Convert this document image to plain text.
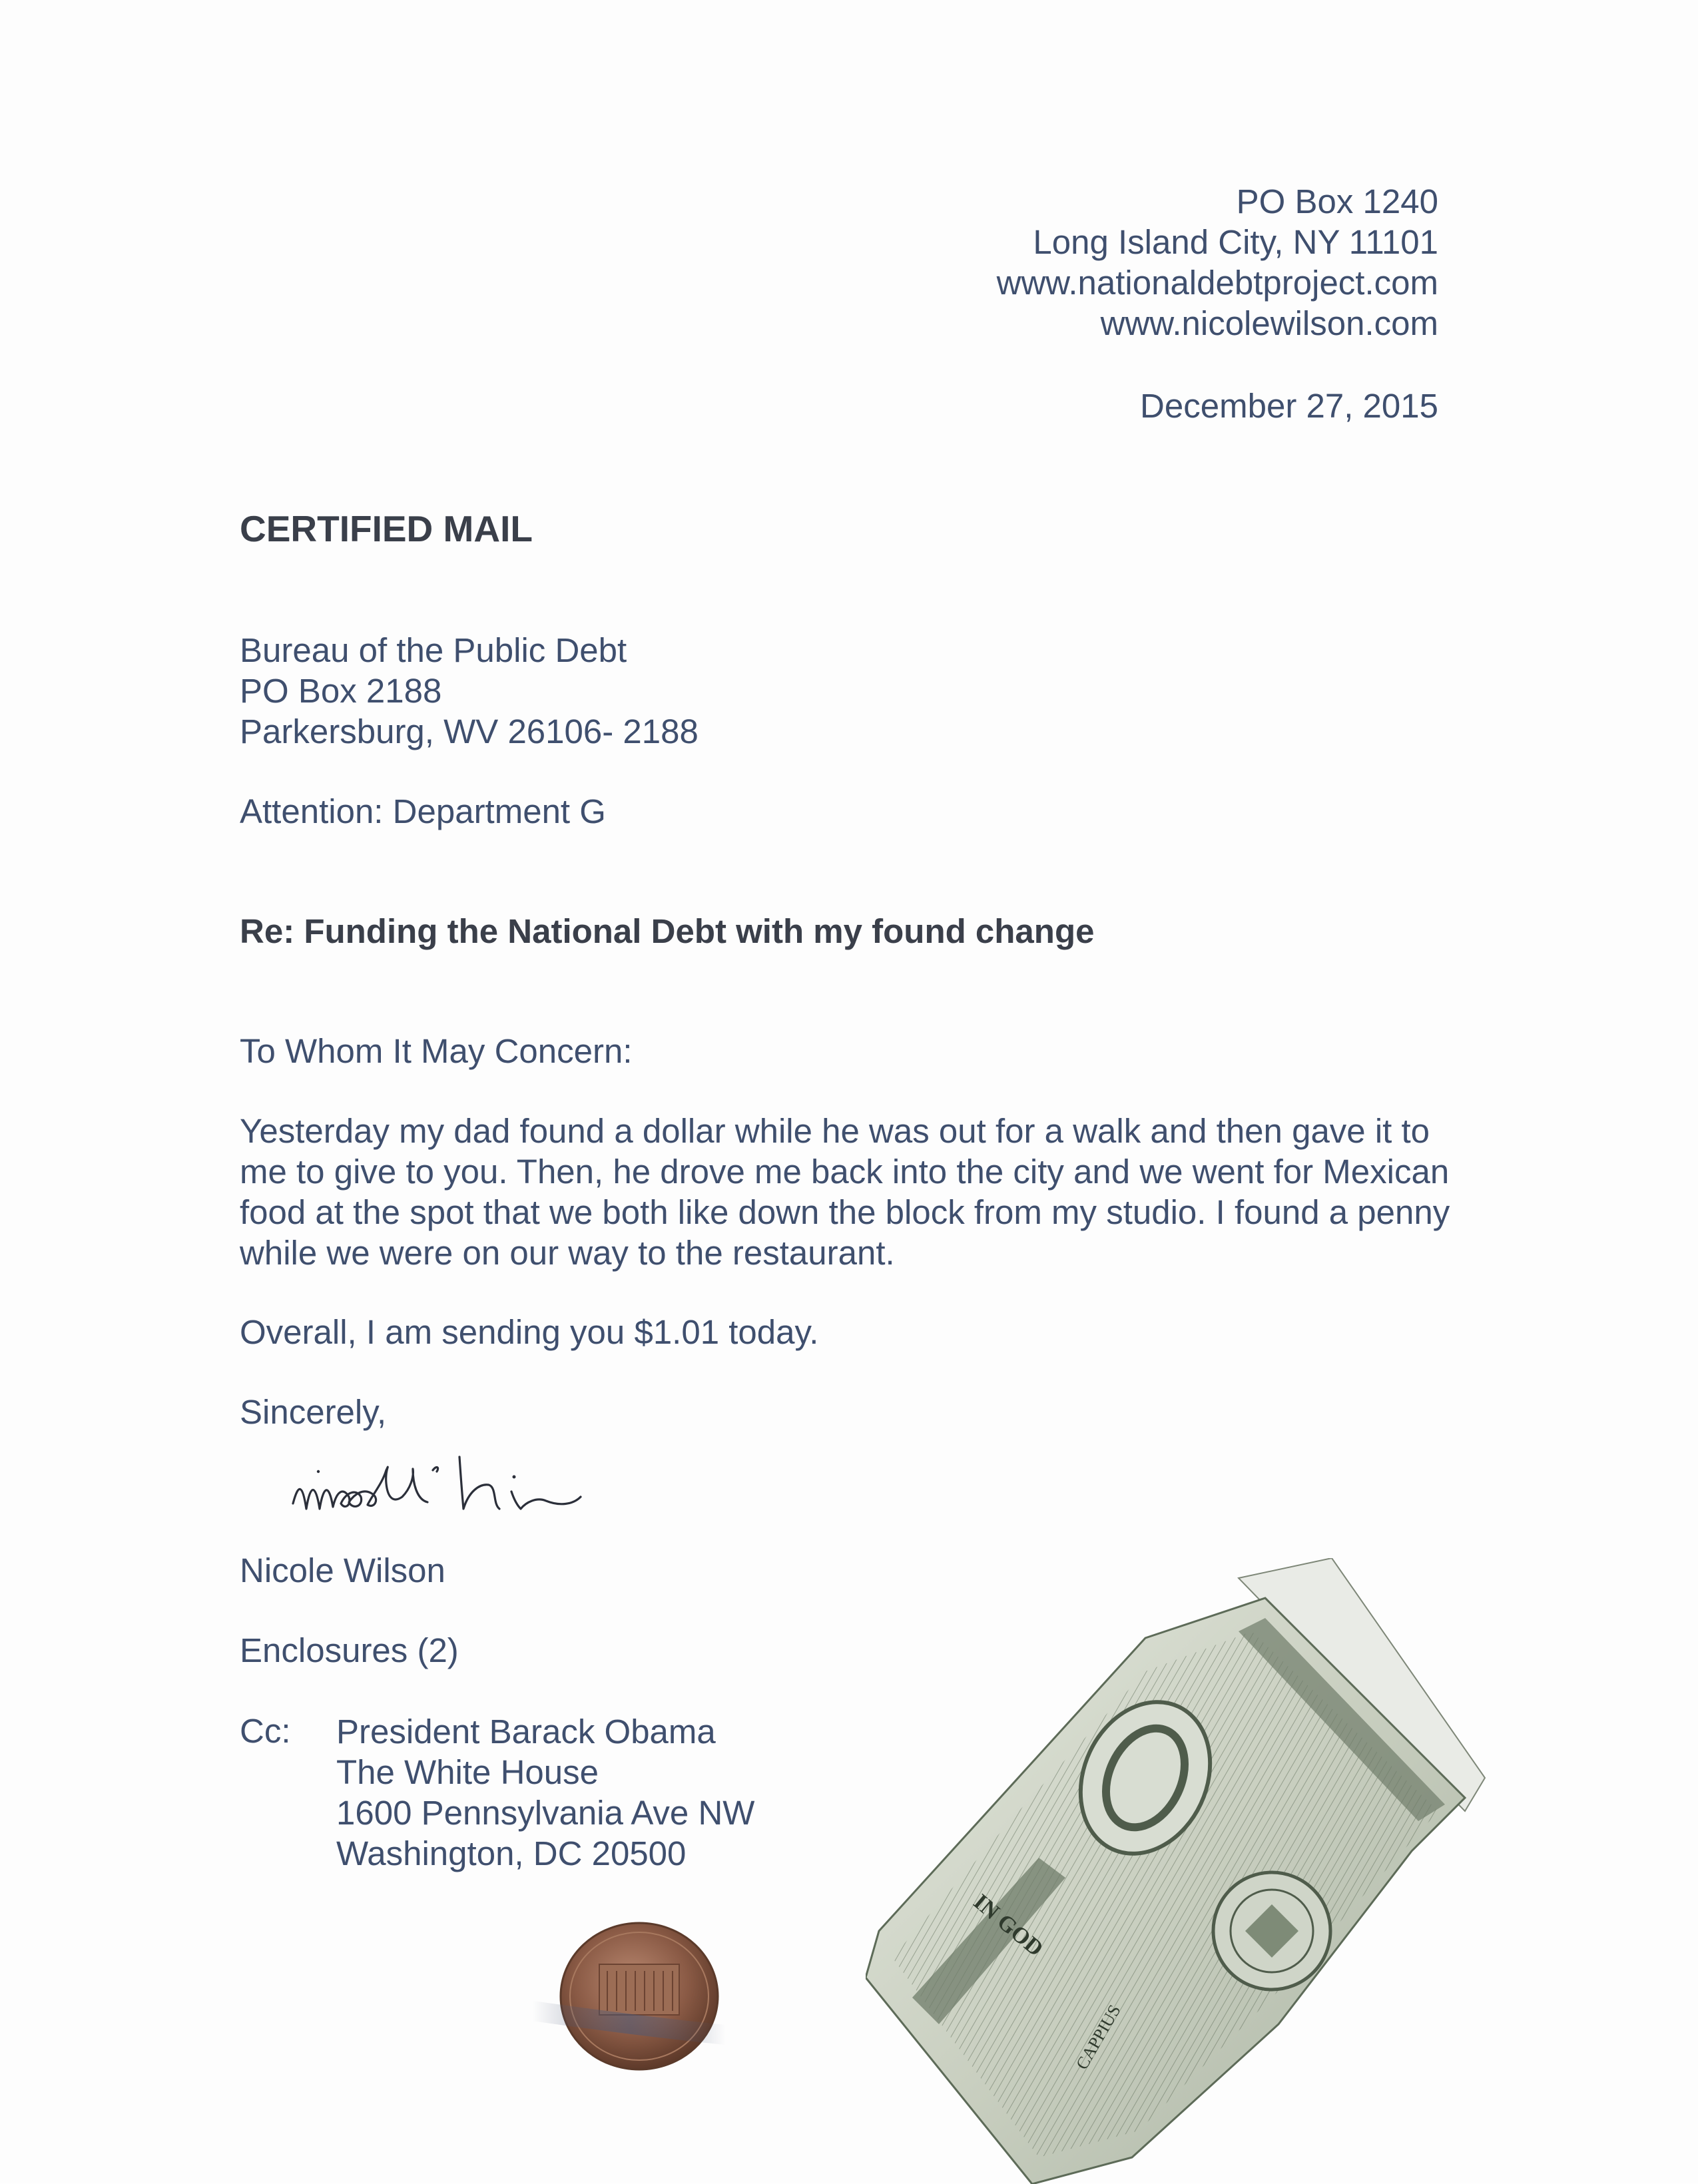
PO Box 1240
Long Island City, NY 11101
www.nationaldebtproject.com
www.nicolewilson.com
December 27, 2015
CERTIFIED MAIL
Bureau of the Public Debt
PO Box 2188
Parkersburg, WV 26106- 2188
Attention: Department G
Re: Funding the National Debt with my found change
To Whom It May Concern:
Yesterday my dad found a dollar while he was out for a walk and then gave it to
me to give to you. Then, he drove me back into the city and we went for Mexican
food at the spot that we both like down the block from my studio. I found a penny
while we were on our way to the restaurant.
Overall, I am sending you $1.01 today.
Sincerely,
Nicole Wilson
Enclosures (2)
Cc: President Barack Obama
The White House
1600 Pennsylvania Ave NW
Washington, DC 20500
IN GOD
CAPPIUS
